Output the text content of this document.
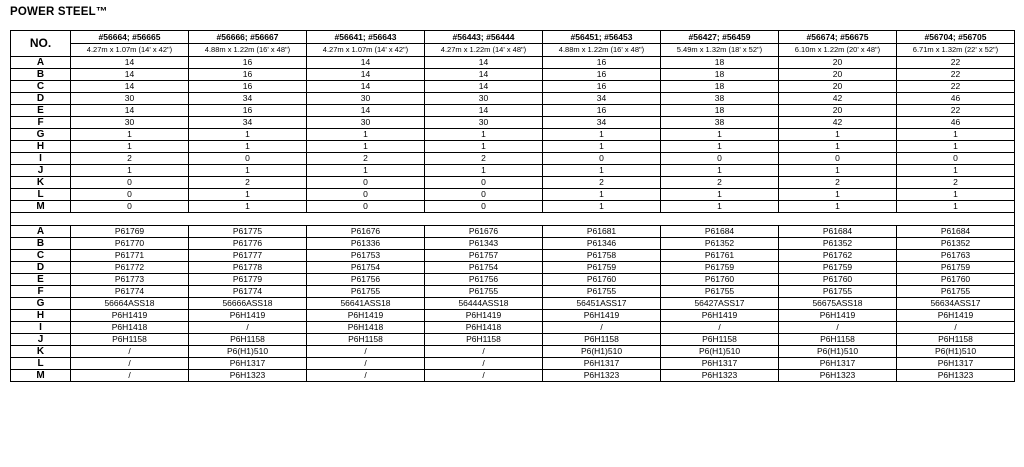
POWER STEEL™
NO.	#56664; #56665	#56666; #56667	#56641; #56643	#56443; #56444	#56451; #56453	#56427; #56459	#56674; #56675	#56704; #56705
	4.27m x 1.07m (14' x 42")	4.88m x 1.22m (16' x 48")	4.27m x 1.07m (14' x 42")	4.27m x 1.22m (14' x 48")	4.88m x 1.22m (16' x 48")	5.49m x 1.32m (18' x 52")	6.10m x 1.22m (20' x 48")	6.71m x 1.32m (22' x 52")
A	14	16	14	14	16	18	20	22
B	14	16	14	14	16	18	20	22
C	14	16	14	14	16	18	20	22
D	30	34	30	30	34	38	42	46
E	14	16	14	14	16	18	20	22
F	30	34	30	30	34	38	42	46
G	1	1	1	1	1	1	1	1
H	1	1	1	1	1	1	1	1
I	2	0	2	2	0	0	0	0
J	1	1	1	1	1	1	1	1
K	0	2	0	0	2	2	2	2
L	0	1	0	0	1	1	1	1
M	0	1	0	0	1	1	1	1

A	P61769	P61775	P61676	P61676	P61681	P61684	P61684	P61684
B	P61770	P61776	P61336	P61343	P61346	P61352	P61352	P61352
C	P61771	P61777	P61753	P61757	P61758	P61761	P61762	P61763
D	P61772	P61778	P61754	P61754	P61759	P61759	P61759	P61759
E	P61773	P61779	P61756	P61756	P61760	P61760	P61760	P61760
F	P61774	P61774	P61755	P61755	P61755	P61755	P61755	P61755
G	56664ASS18	56666ASS18	56641ASS18	56444ASS18	56451ASS17	56427ASS17	56675ASS18	56634ASS17
H	P6H1419	P6H1419	P6H1419	P6H1419	P6H1419	P6H1419	P6H1419	P6H1419
I	P6H1418	/	P6H1418	P6H1418	/	/	/	/
J	P6H1158	P6H1158	P6H1158	P6H1158	P6H1158	P6H1158	P6H1158	P6H1158
K	/	P6(H1)510	/	/	P6(H1)510	P6(H1)510	P6(H1)510	P6(H1)510
L	/	P6H1317	/	/	P6H1317	P6H1317	P6H1317	P6H1317
M	/	P6H1323	/	/	P6H1323	P6H1323	P6H1323	P6H1323
